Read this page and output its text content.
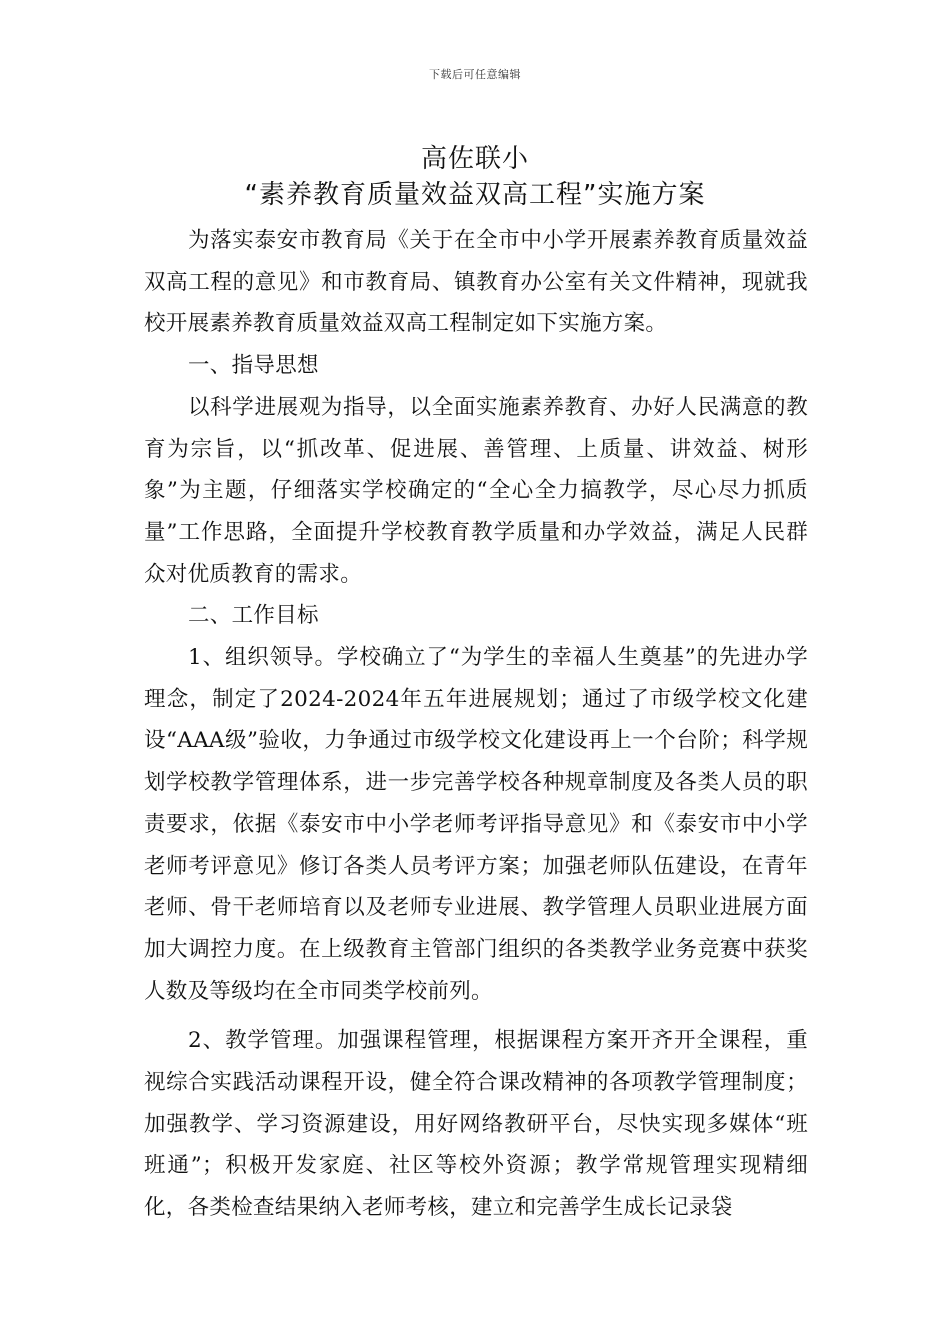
下载后可任意编辑
高佐联小
“素养教育质量效益双高工程”实施方案

为落实泰安市教育局《关于在全市中小学开展素养教育质量效益双高工程的意见》和市教育局、镇教育办公室有关文件精神，现就我校开展素养教育质量效益双高工程制定如下实施方案。

一、指导思想

以科学进展观为指导，以全面实施素养教育、办好人民满意的教育为宗旨，以“抓改革、促进展、善管理、上质量、讲效益、树形象”为主题，仔细落实学校确定的“全心全力搞教学，尽心尽力抓质量”工作思路，全面提升学校教育教学质量和办学效益，满足人民群众对优质教育的需求。

二、工作目标

1、组织领导。学校确立了“为学生的幸福人生奠基”的先进办学理念，制定了2024-2024年五年进展规划；通过了市级学校文化建设“AAA级”验收，力争通过市级学校文化建设再上一个台阶；科学规划学校教学管理体系，进一步完善学校各种规章制度及各类人员的职责要求，依据《泰安市中小学老师考评指导意见》和《泰安市中小学老师考评意见》修订各类人员考评方案；加强老师队伍建设，在青年老师、骨干老师培育以及老师专业进展、教学管理人员职业进展方面加大调控力度。在上级教育主管部门组织的各类教学业务竞赛中获奖人数及等级均在全市同类学校前列。

2、教学管理。加强课程管理，根据课程方案开齐开全课程，重视综合实践活动课程开设，健全符合课改精神的各项教学管理制度；加强教学、学习资源建设，用好网络教研平台，尽快实现多媒体“班班通”；积极开发家庭、社区等校外资源；教学常规管理实现精细化，各类检查结果纳入老师考核，建立和完善学生成长记录袋
